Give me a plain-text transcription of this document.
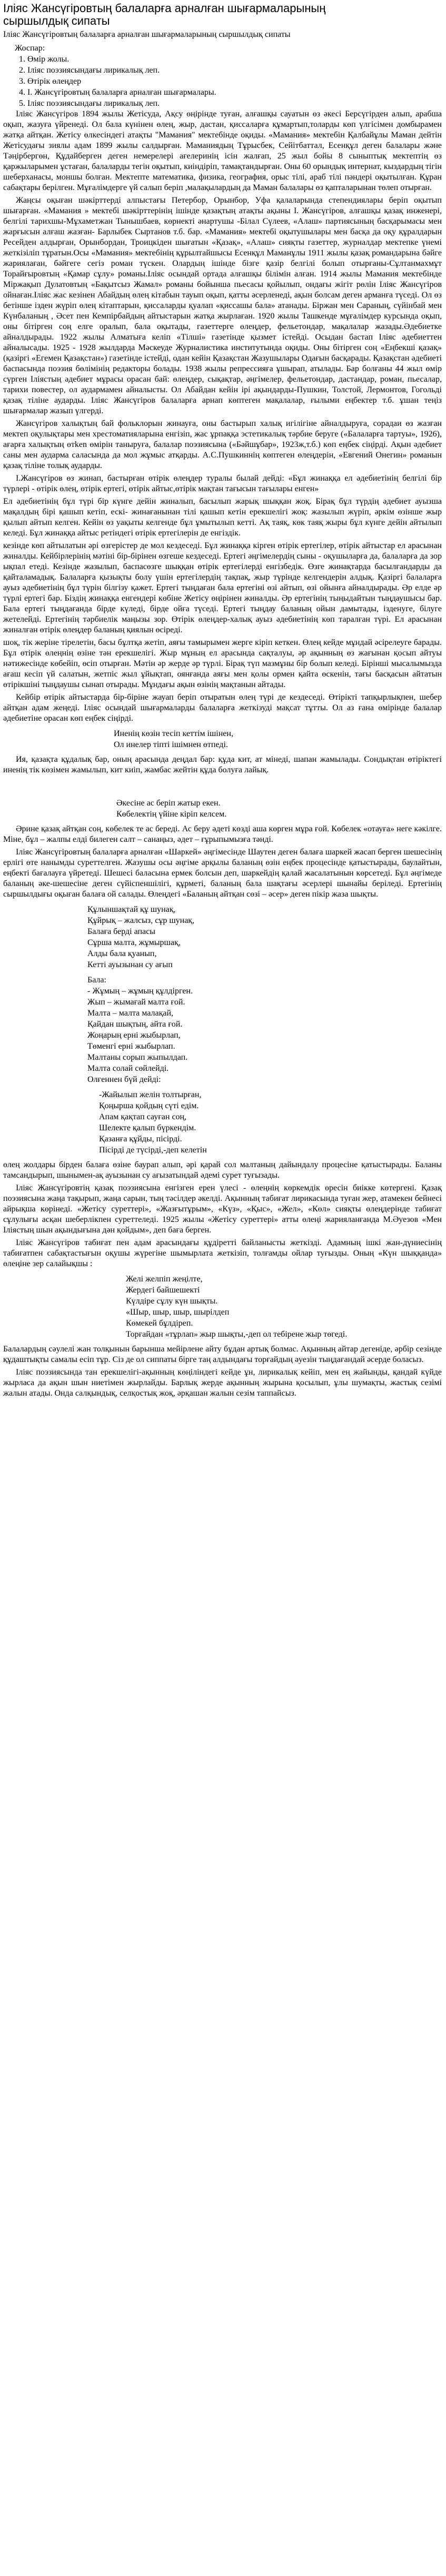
Іліяс Жансүгіровтың балаларға арналған шығармаларының сыршылдық сипаты
Іліяс Жансүгіровтың балаларға арналған шығармаларының сыршылдық сипаты
Жоспар:
1. Өмір жолы.
2. Іліяс поэзиясындағы лирикалық леп.
3. Өтірік өлеңдер
4. І. Жансүгіровтың балаларға арналған шығармалары.
5. Іліяс поэзиясындағы лирикалық леп.

Іліяс Жансүгіров 1894 жылы Жетісуда, Ақсу өңірінде туған, алғашқы сауатын өз әкесі Берсүгірден алып, арабша оқып, жазуға үйренеді. Ол бала күнінен өлең, жыр, дастан, қиссаларға құмартып,толарды көп үлгісімен домбырамен жатқа айтқан. Жетісу өлкесіндегі атақты "Мамания" мектебінде оқиды. «Мамания» мектебін Қалбайұлы Маман дейтін Жетісудағы зиялы адам 1899 жылы салдырған. Маманиядың Тұрысбек, Сейітбаттал, Есенқұл деген балалары және Тәңірбергөн, Құдайберген деген немерелері ағелеринің ісін жалғап, 25 жыл бойы 8 сыныптық мектептің өз қаржыларымен ұстаған, балаларды тегін оқытып, киіндіріп, тамақтандырған. Оны 60 орындық интернат, кыздардың тігін шеберханасы, моншы болған. Мектепте математика, физика, география, орыс тілі, араб тілі пәндері оқытылған. Құран сабақтары берілген. Мұғалімдерге үй салып беріп ,малақылардың да Маман балалары өз қапталарынан төлеп отырған.

Жаңсы оқыған шәкірттерді алпыстағы Петербор, Орынбор, Уфа қалаларында степендиялары беріп оқытып шығарған. «Мамания » мектебі шәкірттерінің ішінде қазақтың атақты ақыны І. Жансүгіров, алғашқы қазақ инженері, белгілі тарихшы-Мұхаметжан Тынышбаев, көрнекті әнартушы -Білал Сүлеев, «Алаш» партиясының басқарымасы мен жарғысын алғаш жазған- Барлыбек Сыртанов т.б. бар. «Мамания» мектебі оқытушылары мен басқа да оқу құралдарын Ресейден алдырған, Орынбордан, Троицкіден шығатын «Қазақ», «Алаш» сияқты газеттер, журналдар мектепке үнемі жеткізіліп тұратын.Осы «Мамания» мектебінің құрылтайшысы Есенқұл Маманұлы 1911 жылы қазақ романдарына бәйге жариялаған, бәйгеге сегіз роман түскен. Олардың ішінде бізге қазір белгілі болып отырғаны-Сұлтанмахмұт Торайғыровтың «Қамар сұлу» романы.Іліяс осындай ортада алғашқы білімін алған. 1914 жылы Мамания мектебінде Міржақып Дулатовтың «Бақытсыз Жамал» романы бойынша пьесасы қойылып, ондағы жігіт рөлін Іліяс Жансүгіров ойнаған.Іліяс жас кезінен Абайдың өлең кітабын тауып оқып, қатты әсерленеді, ақын болсам деген арманға түседі. Ол өз бетінше ізден жүріп өлең кітаптарын, қиссаларды қуалап «қиссашы бала» атанады. Біржан мен Сараның, сүйінбай мен Күнбаланың , Әсет пен Кемпірбайдың айтыстарын жатқа жырлаған. 1920 жылы Ташкенде мұғалімдер курсында оқып, оны бітірген соң елге оралып, бала оқытады, газеттерге өлеңдер, фельетондар, мақалалар жазады.Әдебиетке айналдырады. 1922 жылы Алматыға келіп «Тілші» газетінде қызмет істейді. Осыдан бастап Іліяс әдебиеттен айналысады. 1925 - 1928 жылдарда Мәскеуде Журналистика институтында оқиды. Оны бітірген соң «Еңбекші қазақ» (қазіргі «Егемен Қазақстан») газетінде істейді, одан кейін Қазақстан Жазушылары Одағын басқарады. Қазақстан әдебиеті баспасында поэзия бөлімінің редакторы болады. 1938 жылы репрессияға ұшырап, атылады. Бар болғаны 44 жыл өмір сүрген Іліястың әдебиет мұрасы орасан бай: өлеңдер, сықақтар, әңгімелер, фельетондар, дастандар, роман, пьесалар, тарихи повестер, ол аудармамен айналысты. Ол Абайдан кейін ірі ақындарды-Пушкин, Толстой, Лермонтов, Гогольді қазақ тіліне аударды. Іліяс Жансүгіров балаларға арнап көптеген мақалалар, ғылыми еңбектер т.б. ұшан теңіз шығармалар жазып үлгерді.

Жансүгіров халықтың бай фольклорын жинауға, оны бастырып халық игілігіне айналдыруға, сорадаи өз жазған мектеп оқулықтары мен хрестоматияларына енгізіп, жас ұрпаққа эстетикалық тәрбие беруге («Балаларға тартуы», 1926), ағарға халықтың өтken өмірін таныруға, балалар поэзиясына («Бәйшұбар», 1923ж,т.б.) көп еңбек сіңірді. Ақын әдебиет саны мен аударма саласында да мол жұмыс атқарды. А.С.Пушкиннің көптеген өлеңдерін, «Евгений Онегин» романын қазақ тіліне толық аударды.

І.Жансүгіров өз жинап, бастырған өтірік өлеңдер туралы былай дейді: «Бұл жинаққа ел әдебиетінің белгілі бір түрлері - өтірік өлең, өтірік ертегі, өтірік айтыс,өтірік мақтан тағысын тағылары енген»

Ел әдебиетінің бұл түрі бір күнге дейін жиналып, басылып жарық шыққан жоқ. Бірақ бұл түрдің әдебиет ауызша мақалдың бірі қашып кетіп, ескі- жинағанынан тілі қашып кетін ерекшелігі жоқ: жазылып жүріп, әркім өзінше жыр қылып айтып келген. Кейін өз уақыты келгенде бұл ұмытылып кетті. Ақ таяқ, көк таяқ жыры бұл күнге дейін айтылып келеді. Бұл жинаққа айтыс ретіндегі өтірік ертегілерін де енгіздік.

кезінде көп айтылатын әрі өзгерістер де мол кездеседі. Бұл жинаққа кірген өтірік ертегілер, өтірік айтыстар ел арасынан жиналды. Кейбірлерінің мәтіні бір-бірінен өзгеше кездеседі. Ертегі әңгімелердің сыны - оқушыларға да, балаларға да зор ықпал етеді. Кезінде жазылып, баспасөзге шыққан өтірік ертегілерді енгізбедік. Өзге жинақтарда басылғандарды да қайталамадық. Балаларға қызықты болу үшін ертегілердің тақпақ, жыр түрінде келгендерін алдық. Қазіргі балаларға ауыз әдебиетінің бұл түрін білгізу қажет. Ертегі тыңдаған бала ертегіні өзі айтып, өзі ойынға айналдырады. Әр елде әр түрлі ертегі бар. Біздің жинаққа енгендері көбіне Жетісу өңірінен жиналды. Әр ертегінің тыңыдайтын тыңдаушысы бар. Бала ертегі тыңдағанда бірде күледі, бірде ойға түседі. Ертегі тыңдау баланың ойын дамытады, ізденуге, білуге жетелейді. Ертегінің тәрбиелік маңызы зор. Өтірік өлеңдер-халық ауыз әдебиетінің көп таралған түрі. Ел арасынан жиналған өтірік өлеңдер баланың қиялын өсіреді.

шоқ, тік жеріне тірелетін, басы бұлтқа жетіп, аяғы тамырымен жерге кіріп кеткен. Өлең кейде мұндай әсірелеуге барады. Бұл өтірік өлеңнің өзіне тән ерекшелігі. Жыр мұның ел арасында сақталуы, әр ақынның өз жағынан қосып айтуы нәтижесінде көбейіп, өсіп отырған. Мәтін әр жерде әр түрлі. Бірақ түп мазмұны бір болып келеді. Бірінші мысалымызда ағаш кесіп үй салатын, жетпіс жыл ұйықтап, оянғанда аяғы мен қолы ормен қайта өскенін, тағы басқасын айтатын өтірікшіні тыңдаушы сынап отырады. Мұндағы ақын өзінің мақтанын айтады.

Кейбір өтірік айтыстарда бір-біріне жауап беріп отыратын өлең түрі де кездеседі. Өтірікті тапқырлықпен, шебер айтқан адам жеңеді. Іліяс осындай шығармаларды балаларға жеткізуді мақсат тұтты. Ол аз ғана өмірінде балалар әдебиетіне орасан көп еңбек сіңірді.

Иненің көзін тесіп кеттім ішінен,
Ол инелер тіпті ішімнен өтпеді.

Ия, қазақта құдалық бар, оның арасында деңдал бар: құда кит, ат мінеді, шапан жамылады. Сондықтан өтіріктегі иненің тік көзімен жамылып, кит киіп, жамбас жейтін құда болуға лайық.

Әкесіне ас беріп жатыр екен.
Көбелектің үйіне кіріп келсем.

Әрине қазақ айтқан соң, көбелек те ас береді. Ас беру әдеті көзді аша көрген мұра ғой. Көбелек «отауға» неге кәкілге. Міне, бұл – жалпы елді билеген салт – санаңыз, әдет – ғұрыпымызға тәнді.

Іліяс Жансүгіровтың балаларға арналған «Шаркей» әңгімесінде Шаутен деген балаға шаркей жасап берген шешесінің ерлігі өте нанымды суреттелген. Жазушы осы әңгіме арқылы баланың өзін еңбек процесінде қатыстырады, баулайтын, еңбекті бағалауға үйретеді. Шешесі баласына ермек болсын деп, шаркейдің қалай жасалатынын көрсетеді. Бұл әңгімеде баланың әке-шешесіне деген сүйіспеншілігі, құрметі, баланың бала шақтағы әсерлері шынайы беріледі. Ертегінің сыршылдығы оқыған балаға ой салады. Өлеңдегі «Баланың айтқан сөзі – әсер» деген пікір жаза шықты.

Құлыншақтай құ шунақ,
Құйрық – жалсыз, сұр шунақ,
Балаға берді апасы
Сұрша малта, жұмыршақ,
Алды бала қуанып,
Кетті ауызынан су ағып
Бала:
- Жұмың – жұмың құлдірген.
Жып – жымағай малта ғой.
Малта – малта малақай,
Қайдан шықтың, айта ғой.
Жоңарың ерні жыбырлап,
Төменгі ерні жыбырлап.
Малтаны сорып жыпылдап.
Малта солай сөйлейді.
Олғеннен бүй дейді:
-Жайылып желін толтырған,
Қоңырша қойдың сүті едім.
Апам қақтап сауған соң,
Шелекте қалып бүркендім.
Қазанға құйды, пісірді.
Пісірді де түсірді,-деп келетін

өлең жолдары бірден балаға өзіне баурап алып, әрі қарай сол малтаның дайындалу процесіне қатыстырады. Баланы тамсандырып, шынымен-ақ ауызынан су ағызатындай әдемі сурет туғызады.

Іліяс Жансүгіровтің қазақ поэзиясына енгізген ерен үлесі - өлеңнің көркемдік өресін биікке көтергені. Қазақ поэзиясына жаңа тақырып, жаңа сарын, тың тәсілдер әкелді. Ақынның табиғат лирикасында туған жер, атамекен бейнесі айрықша көрінеді. «Жетісу суреттері», «Жазғытұрым», «Күз», «Қыс», «Жел», «Көл» сияқты өлеңдерінде табиғат сұлулығы асқан шеберлікпен суреттеледі. 1925 жылы «Жетісу суреттері» атты өлеңі жарияланғанда М.Әуезов «Мен Іліястың шын ақындығына дән қойдым», деп баға берген.

Іліяс Жансүгіров табиғат пен адам арасындағы құдіретті байланысты жеткізді. Адамның ішкі жан-дүниесінің табиғатпен сабақтастығын оқушы жүрегіне шымырлата жеткізіп, толғамды ойлар туғызды. Оның «Күн шыққанда» өлеңіне зер салайықшы :

Желі желпіп жеңілте,
Жердегі байшешекті
Күлдіре сұлу күн шықты.
«Шыр, шыр, шыр, шырілдеп
Көмекей бұлдіреп.
Торғайдан «тұрлап» жыр шықты,-деп ол тебірене жыр төгеді.

Балалардың сәулелі жан толқынын барынша мейірлене айту бұдан артық болмас. Ақынның айтар дегеніде, әрбір сезінде құдаштықты самалы есіп тұр. Сіз де ол сиппаты бірге таң алдындағы торғайдың әуезін тыңдағандай әсерде боласыз.

Іліяс поэзиясында тан ерекшелігі-ақынның көңіліндегі кейде ұн, лирикалық кейіп, мен ең жайынды, қандай күйде жырласа да ақын шын ниетімен жырлайды. Барлық жерде ақынның жырына қосылып, ұлы шумақты, жастық сезімі жалын атады. Онда салқындық, селқостық жоқ, әрқашан жалын сезім таппайсыз.
